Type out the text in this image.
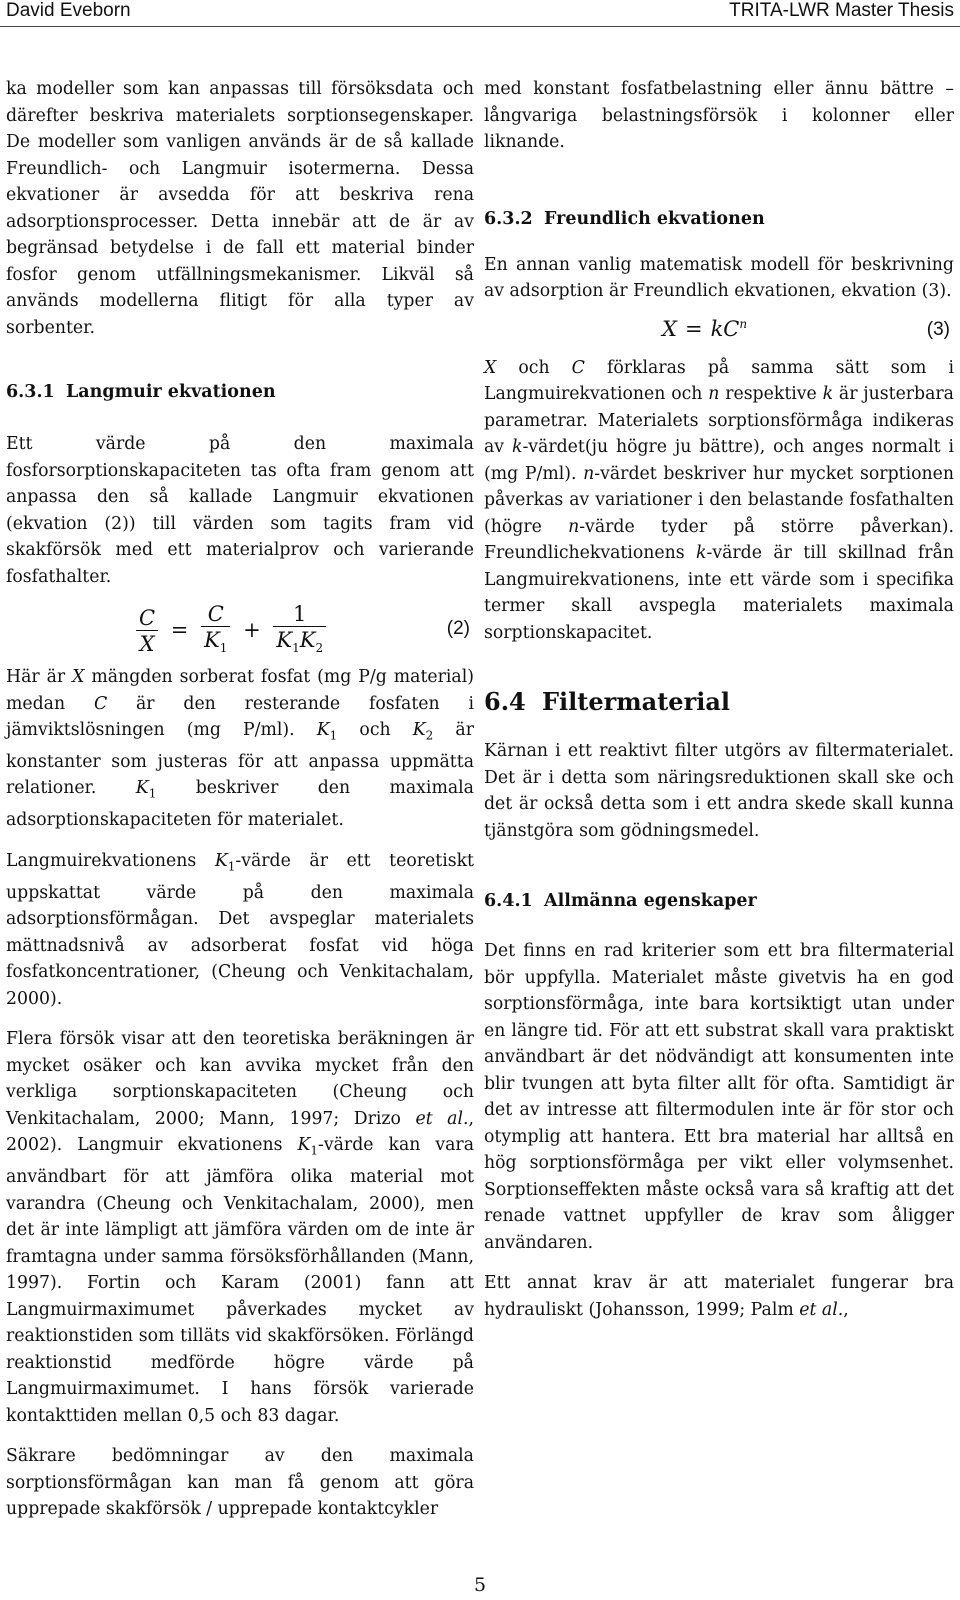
David Eveborn	TRITA-LWR Master Thesis

ka modeller som kan anpassas till försöksdata och därefter beskriva materialets sorptionsegenskaper. De modeller som vanligen används är de så kallade Freundlich- och Langmuir isotermerna. Dessa ekvationer är avsedda för att beskriva rena adsorptionsprocesser. Detta innebär att de är av begränsad betydelse i de fall ett material binder fosfor genom utfällningsmekanismer. Likväl så används modellerna flitigt för alla typer av sorbenter.

6.3.1 Langmuir ekvationen

Ett värde på den maximala fosforsorptionskapaciteten tas ofta fram genom att anpassa den så kallade Langmuir ekvationen (ekvation (2)) till värden som tagits fram vid skakförsök med ett materialprov och varierande fosfathalter.

$\frac{C}{X} = \frac{C}{K_1} + \frac{1}{K_1K_2}$	(2)

Här är X mängden sorberat fosfat (mg P/g material) medan C är den resterande fosfaten i jämviktslösningen (mg P/ml). $K_1$ och $K_2$ är konstanter som justeras för att anpassa uppmätta relationer. $K_1$ beskriver den maximala adsorptionskapaciteten för materialet.

Langmuirekvationens $K_1$-värde är ett teoretiskt uppskattat värde på den maximala adsorptionsförmågan. Det avspeglar materialets mättnadsnivå av adsorberat fosfat vid höga fosfatkoncentrationer, (Cheung och Venkitachalam, 2000).

Flera försök visar att den teoretiska beräkningen är mycket osäker och kan avvika mycket från den verkliga sorptionskapaciteten (Cheung och Venkitachalam, 2000; Mann, 1997; Drizo et al., 2002). Langmuir ekvationens $K_1$-värde kan vara användbart för att jämföra olika material mot varandra (Cheung och Venkitachalam, 2000), men det är inte lämpligt att jämföra värden om de inte är framtagna under samma försöksförhållanden (Mann, 1997). Fortin och Karam (2001) fann att Langmuirmaximumet påverkades mycket av reaktionstiden som tilläts vid skakförsöken. Förlängd reaktionstid medförde högre värde på Langmuirmaximumet. I hans försök varierade kontakttiden mellan 0,5 och 83 dagar.

Säkrare bedömningar av den maximala sorptionsförmågan kan man få genom att göra upprepade skakförsök / upprepade kontaktcykler

med konstant fosfatbelastning eller ännu bättre – långvariga belastningsförsök i kolonner eller liknande.

6.3.2 Freundlich ekvationen

En annan vanlig matematisk modell för beskrivning av adsorption är Freundlich ekvationen, ekvation (3).

$X = kC^n$	(3)

X och C förklaras på samma sätt som i Langmuirekvationen och n respektive k är justerbara parametrar. Materialets sorptionsförmåga indikeras av k-värdet(ju högre ju bättre), och anges normalt i (mg P/ml). n-värdet beskriver hur mycket sorptionen påverkas av variationer i den belastande fosfathalten (högre n-värde tyder på större påverkan). Freundlichekvationens k-värde är till skillnad från Langmuirekvationens, inte ett värde som i specifika termer skall avspegla materialets maximala sorptionskapacitet.

6.4 Filtermaterial

Kärnan i ett reaktivt filter utgörs av filtermaterialet. Det är i detta som näringsreduktionen skall ske och det är också detta som i ett andra skede skall kunna tjänstgöra som gödningsmedel.

6.4.1 Allmänna egenskaper

Det finns en rad kriterier som ett bra filtermaterial bör uppfylla. Materialet måste givetvis ha en god sorptionsförmåga, inte bara kortsiktigt utan under en längre tid. För att ett substrat skall vara praktiskt användbart är det nödvändigt att konsumenten inte blir tvungen att byta filter allt för ofta. Samtidigt är det av intresse att filtermodulen inte är för stor och otymplig att hantera. Ett bra material har alltså en hög sorptionsförmåga per vikt eller volymsenhet. Sorptionseffekten måste också vara så kraftig att det renade vattnet uppfyller de krav som åligger användaren.

Ett annat krav är att materialet fungerar bra hydrauliskt (Johansson, 1999; Palm et al.,

5
